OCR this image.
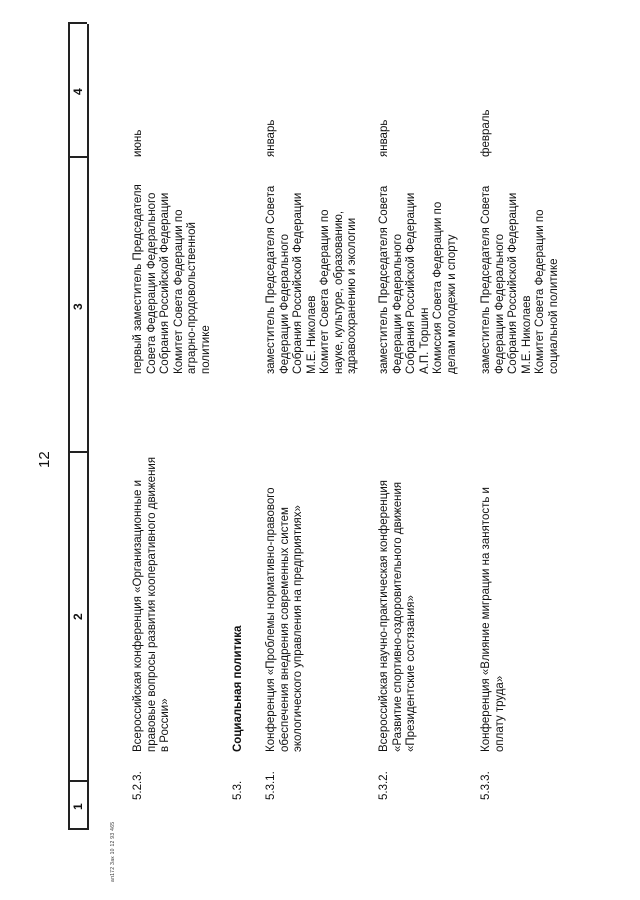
12
1
2
3
4
5.2.3.
Всероссийская конференция «Организационные и
правовые вопросы развития кооперативного движения
в России»
первый заместитель Председателя
Совета Федерации Федерального
Собрания Российской Федерации
Комитет Совета Федерации по
аграрно-продовольственной
политике
июнь
5.3.
Социальная политика
5.3.1.
Конференция «Проблемы нормативно-правового
обеспечения внедрения современных систем
экологического управления на предприятиях»
заместитель Председателя Совета
Федерации Федерального
Собрания Российской Федерации
М.Е. Николаев
Комитет Совета Федерации по
науке, культуре, образованию,
здравоохранению и экологии
январь
5.3.2.
Всероссийская научно-практическая конференция
«Развитие спортивно-оздоровительного движения
«Президентские состязания»
заместитель Председателя Совета
Федерации Федерального
Собрания Российской Федерации
А.П. Торшин
Комиссия Совета Федерации по
делам молодежи и спорту
январь
5.3.3.
Конференция «Влияние миграции на занятость и
оплату труда»
заместитель Председателя Совета
Федерации Федерального
Собрания Российской Федерации
М.Е. Николаев
Комитет Совета Федерации по
социальной политике
февраль
ап172 Зак 10 12 93 465
